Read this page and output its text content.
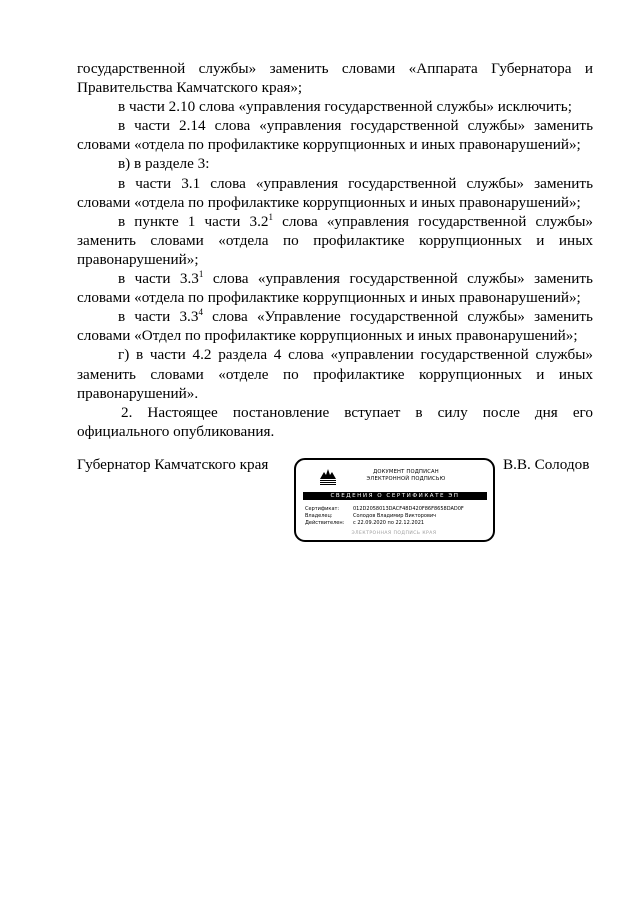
государственной службы» заменить словами «Аппарата Губернатора и Правительства Камчатского края»;

в части 2.10 слова «управления государственной службы» исключить;

в части 2.14 слова «управления государственной службы» заменить словами «отдела по профилактике коррупционных и иных правонарушений»;

в) в разделе 3:

в части 3.1 слова «управления государственной службы» заменить словами «отдела по профилактике коррупционных и иных правонарушений»;

в пункте 1 части $3.2^1$ слова «управления государственной службы» заменить словами «отдела по профилактике коррупционных и иных правонарушений»;

в части $3.3^1$ слова «управления государственной службы» заменить словами «отдела по профилактике коррупционных и иных правонарушений»;

в части $3.3^4$ слова «Управление государственной службы» заменить словами «Отдел по профилактике коррупционных и иных правонарушений»;

г) в части 4.2 раздела 4 слова «управлении государственной службы» заменить словами «отделе по профилактике коррупционных и иных правонарушений».

2. Настоящее постановление вступает в силу после дня его официального опубликования.

Губернатор Камчатского края	ДОКУМЕНТ ПОДПИСАН
ЭЛЕКТРОННОЙ ПОДПИСЬЮ
СВЕДЕНИЯ О СЕРТИФИКАТЕ ЭП
Сертификат:	012D2058013DACF48D420F86F8658DAD0F
Владелец:	Солодов Владимир Викторович
Действителен: с 22.09.2020 по 22.12.2021
ЭЛЕКТРОННАЯ ПОДПИСЬ КРАЯ
В.В. Солодов
